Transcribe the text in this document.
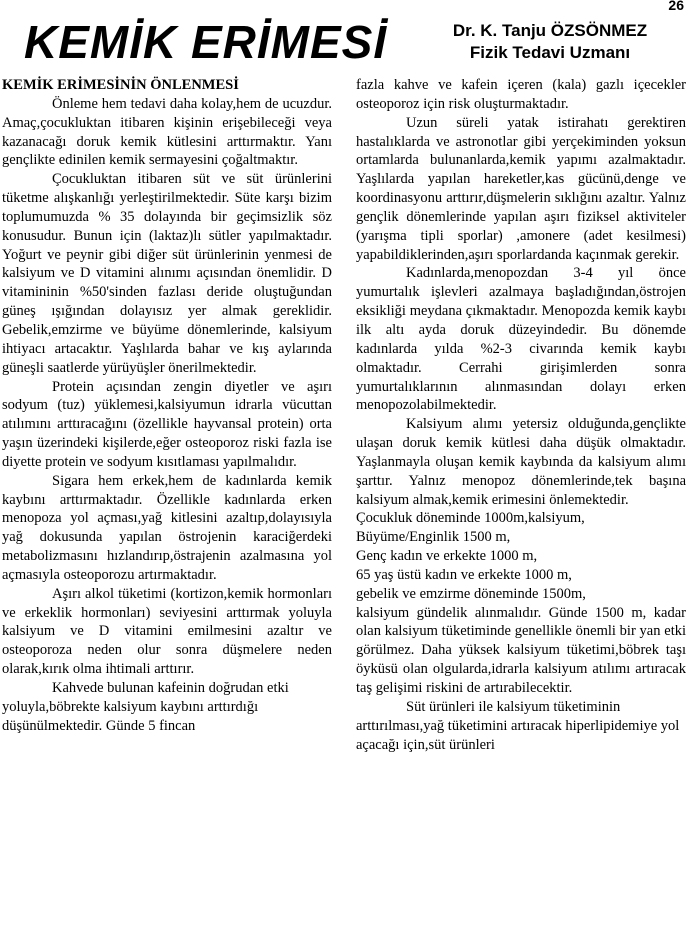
26
KEMİK ERİMESİ	Dr. K. Tanju ÖZSÖNMEZ
Fizik Tedavi Uzmanı

KEMİK ERİMESİNİN ÖNLENMESİ

Önleme hem tedavi daha kolay,hem de ucuzdur. Amaç,çocukluktan itibaren kişinin erişebileceği veya kazanacağı doruk kemik kütlesini arttırmaktır. Yanı gençlikte edinilen kemik sermayesini çoğaltmaktır.

Çocukluktan itibaren süt ve süt ürünlerini tüketme alışkanlığı yerleştirilmektedir. Süte karşı bizim toplumumuzda % 35 dolayında bir geçimsizlik söz konusudur. Bunun için (laktaz)lı sütler yapılmaktadır. Yoğurt ve peynir gibi diğer süt ürünlerinin yenmesi de kalsiyum ve D vitamini alınımı açısından önemlidir. D vitamininin %50'sinden fazlası deride oluştuğundan güneş ışığından dolayısız yer almak gereklidir. Gebelik,emzirme ve büyüme dönemlerinde, kalsiyum ihtiyacı artacaktır. Yaşlılarda bahar ve kış aylarında güneşli saatlerde yürüyüşler önerilmektedir.

Protein açısından zengin diyetler ve aşırı sodyum (tuz) yüklemesi,kalsiyumun idrarla vücuttan atılımını arttıracağını (özellikle hayvansal protein) orta yaşın üzerindeki kişilerde,eğer osteoporoz riski fazla ise diyette protein ve sodyum kısıtlaması yapılmalıdır.

Sigara hem erkek,hem de kadınlarda kemik kaybını arttırmaktadır. Özellikle kadınlarda erken menopoza yol açması,yağ kitlesini azaltıp,dolayısıyla yağ dokusunda yapılan östrojenin karaciğerdeki metabolizmasını hızlandırıp,östrajenin azalmasına yol açmasıyla osteoporozu artırmaktadır.

Aşırı alkol tüketimi (kortizon,kemik hormonları ve erkeklik hormonları) seviyesini arttırmak yoluyla kalsiyum ve D vitamini emilmesini azaltır ve osteoporoza neden olur sonra düşmelere neden olarak,kırık olma ihtimali arttırır.

Kahvede bulunan kafeinin doğrudan etki yoluyla,böbrekte kalsiyum kaybını arttırdığı düşünülmektedir. Günde 5 fincan

fazla kahve ve kafein içeren (kala) gazlı içecekler osteoporoz için risk oluşturmaktadır.

Uzun süreli yatak istirahatı gerektiren hastalıklarda ve astronotlar gibi yerçekiminden yoksun ortamlarda bulunanlarda,kemik yapımı azalmaktadır. Yaşlılarda yapılan hareketler,kas gücünü,denge ve koordinasyonu arttırır,düşmelerin sıklığını azaltır. Yalnız gençlik dönemlerinde yapılan aşırı fiziksel aktiviteler (yarışma tipli sporlar) ,amonere (adet kesilmesi) yapabildiklerinden,aşırı sporlardanda kaçınmak gerekir.

Kadınlarda,menopozdan 3-4 yıl önce yumurtalık işlevleri azalmaya başladığından,östrojen eksikliği meydana çıkmaktadır. Menopozda kemik kaybı ilk altı ayda doruk düzeyindedir. Bu dönemde kadınlarda yılda %2-3 civarında kemik kaybı olmaktadır. Cerrahi girişimlerden sonra yumurtalıklarının alınmasından dolayı erken menopozolabilmektedir.

Kalsiyum alımı yetersiz olduğunda,gençlikte ulaşan doruk kemik kütlesi daha düşük olmaktadır. Yaşlanmayla oluşan kemik kaybında da kalsiyum alımı şarttır. Yalnız menopoz dönemlerinde,tek başına kalsiyum almak,kemik erimesini önlemektedir.

Çocukluk döneminde 1000m,kalsiyum,

Büyüme/Enginlik 1500 m,

Genç kadın ve erkekte 1000 m,

65 yaş üstü kadın ve erkekte 1000 m,

gebelik ve emzirme döneminde 1500m,

kalsiyum gündelik alınmalıdır. Günde 1500 m, kadar olan kalsiyum tüketiminde genellikle önemli bir yan etki görülmez. Daha yüksek kalsiyum tüketimi,böbrek taşı öyküsü olan olgularda,idrarla kalsiyum atılımı artıracak taş gelişimi riskini de artırabilecektir.

Süt ürünleri ile kalsiyum tüketiminin arttırılması,yağ tüketimini artıracak hiperlipidemiye yol açacağı için,süt ürünleri
